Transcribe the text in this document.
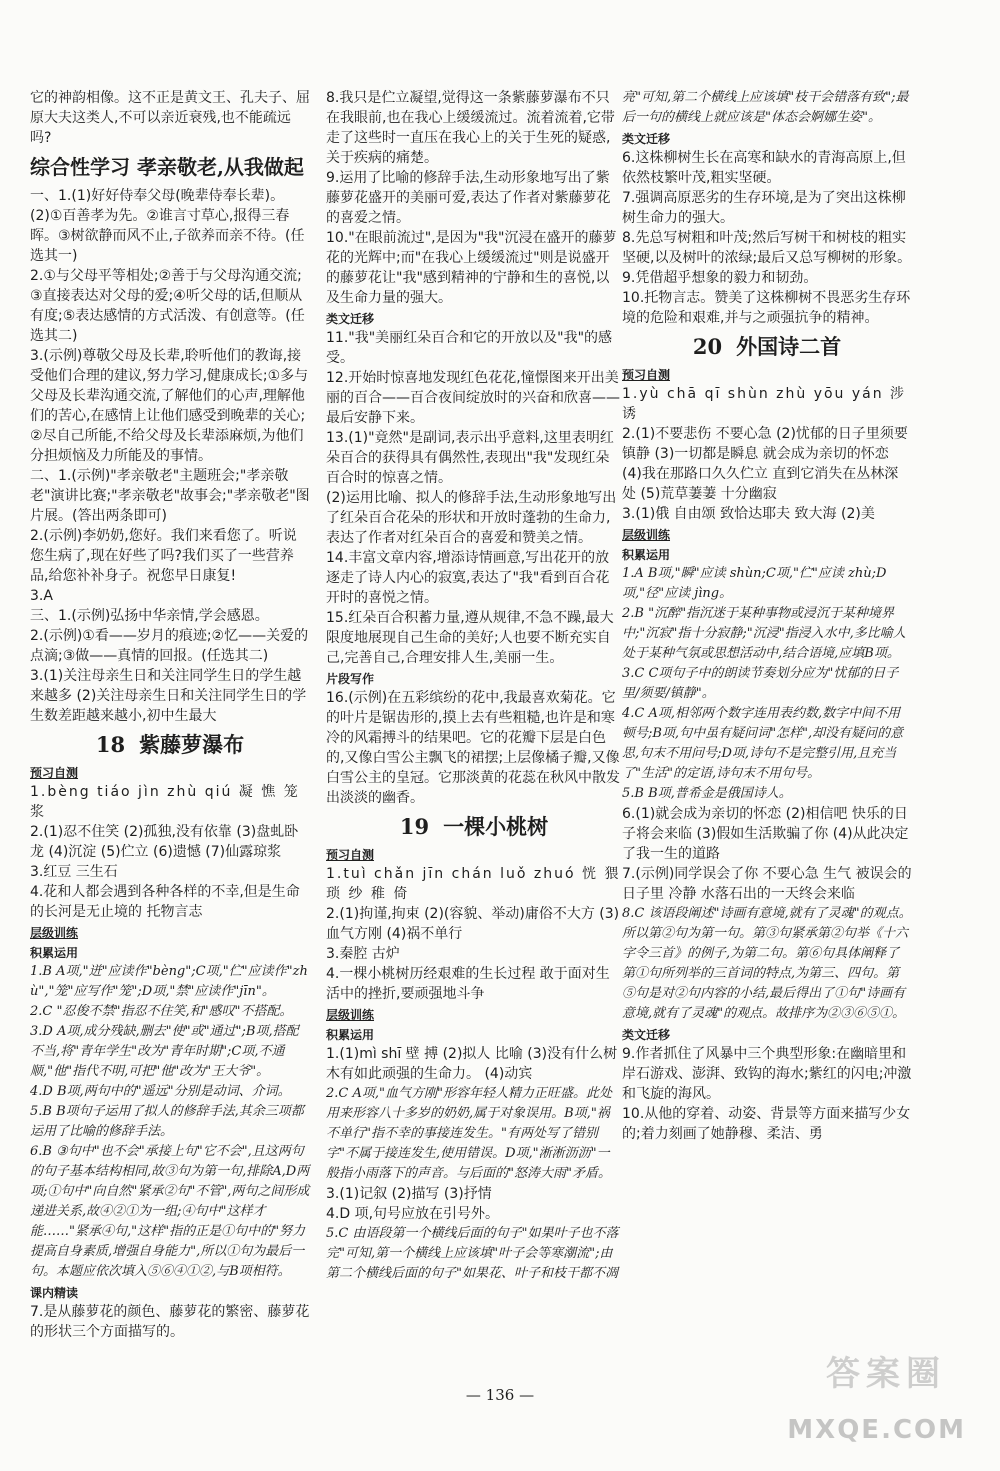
它的神韵相像。这不正是黄文王、孔夫子、屈原大夫这类人,不可以亲近衰残,也不能疏远吗?

综合性学习 孝亲敬老,从我做起

一、1.(1)好好侍奉父母(晚辈侍奉长辈)。

(2)①百善孝为先。②谁言寸草心,报得三春晖。③树欲静而风不止,子欲养而亲不待。(任选其一)

2.①与父母平等相处;②善于与父母沟通交流;③直接表达对父母的爱;④听父母的话,但顺从有度;⑤表达感情的方式活泼、有创意等。(任选其二)

3.(示例)尊敬父母及长辈,聆听他们的教诲,接受他们合理的建议,努力学习,健康成长;①多与父母及长辈沟通交流,了解他们的心声,理解他们的苦心,在感情上让他们感受到晚辈的关心;②尽自己所能,不给父母及长辈添麻烦,为他们分担烦恼及力所能及的事情。

二、1.(示例)"孝亲敬老"主题班会;"孝亲敬老"演讲比赛;"孝亲敬老"故事会;"孝亲敬老"图片展。(答出两条即可)

2.(示例)李奶奶,您好。我们来看您了。听说您生病了,现在好些了吗?我们买了一些营养品,给您补补身子。祝您早日康复!

3.A

三、1.(示例)弘扬中华亲情,学会感恩。

2.(示例)①看——岁月的痕迹;②忆——关爱的点滴;③做——真情的回报。(任选其二)

3.(1)关注母亲生日和关注同学生日的学生越来越多 (2)关注母亲生日和关注同学生日的学生数差距越来越小,初中生最大

18 紫藤萝瀑布
预习自测

1.bèng tiáo jìn zhù qiú 凝 憔 笼 浆

2.(1)忍不住笑 (2)孤独,没有依靠 (3)盘虬卧龙 (4)沉淀 (5)伫立 (6)遗憾 (7)仙露琼浆

3.红豆 三生石

4.花和人都会遇到各种各样的不幸,但是生命的长河是无止境的 托物言志

层级训练
积累运用

1.B A项,"迸"应读作"bèng";C项,"伫"应读作"zhù","笼"应写作"笼";D项,"禁"应读作"jīn"。

2.C "忍俊不禁"指忍不住笑,和"感叹"不搭配。

3.D A项,成分残缺,删去"使"或"通过";B项,搭配不当,将"青年学生"改为"青年时期";C项,不通顺,"他"指代不明,可把"他"改为"王大爷"。

4.D B项,两句中的"遥远"分别是动词、介词。

5.B B项句子运用了拟人的修辞手法,其余三项都运用了比喻的修辞手法。

6.B ③句中"也不会"承接上句"它不会",且这两句的句子基本结构相同,故③句为第一句,排除A,D两项;①句中"向自然"紧承②句"不管",两句之间形成递进关系,故④②①为一组;④句中"这样才能……"紧承④句,"这样"指的正是①句中的"努力提高自身素质,增强自身能力",所以①句为最后一句。本题应依次填入⑤⑥④①②,与B项相符。

课内精读

7.是从藤萝花的颜色、藤萝花的繁密、藤萝花的形状三个方面描写的。

8.我只是伫立凝望,觉得这一条紫藤萝瀑布不只在我眼前,也在我心上缓缓流过。流着流着,它带走了这些时一直压在我心上的关于生死的疑惑,关于疾病的痛楚。

9.运用了比喻的修辞手法,生动形象地写出了紫藤萝花盛开的美丽可爱,表达了作者对紫藤萝花的喜爱之情。

10."在眼前流过",是因为"我"沉浸在盛开的藤萝花的光辉中;而"在我心上缓缓流过"则是说盛开的藤萝花让"我"感到精神的宁静和生的喜悦,以及生命力量的强大。

类文迁移

11."我"美丽红朵百合和它的开放以及"我"的感受。

12.开始时惊喜地发现红色花花,憧憬图来开出美丽的百合——百合夜间绽放时的兴奋和欣喜——最后安静下来。

13.(1)"竟然"是副词,表示出乎意料,这里表明红朵百合的获得具有偶然性,表现出"我"发现红朵百合时的惊喜之情。

(2)运用比喻、拟人的修辞手法,生动形象地写出了红朵百合花朵的形状和开放时蓬勃的生命力,表达了作者对红朵百合的喜爱和赞美之情。

14.丰富文章内容,增添诗情画意,写出花开的放逐走了诗人内心的寂寞,表达了"我"看到百合花开时的喜悦之情。

15.红朵百合积蓄力量,遵从规律,不急不躁,最大限度地展现自己生命的美好;人也要不断充实自己,完善自己,合理安排人生,美丽一生。

片段写作

16.(示例)在五彩缤纷的花中,我最喜欢菊花。它的叶片是锯齿形的,摸上去有些粗糙,也许是和寒冷的风霜搏斗的结果吧。它的花瓣下层是白色的,又像白雪公主飘飞的裙摆;上层像橘子瓣,又像白雪公主的皇冠。它那淡黄的花蕊在秋风中散发出淡淡的幽香。

19 一棵小桃树
预习自测

1.tuì chǎn jīn chán luǒ zhuó 恍 猥 琐 纱 稚 倚

2.(1)拘谨,拘束 (2)(容貌、举动)庸俗不大方 (3)血气方刚 (4)祸不单行

3.秦腔 古炉

4.一棵小桃树历经艰难的生长过程 敢于面对生活中的挫折,要顽强地斗争

层级训练
积累运用

1.(1)mì shī 壁 搏 (2)拟人 比喻 (3)没有什么树木有如此顽强的生命力。 (4)动宾

2.C A项,"血气方刚"形容年轻人精力正旺盛。此处用来形容八十多岁的奶奶,属于对象误用。B项,"祸不单行"指不幸的事接连发生。"有两处写了错别字"不属于接连发生,使用错误。D项,"淅淅沥沥"一般指小雨落下的声音。与后面的"怒涛大雨"矛盾。

3.(1)记叙 (2)描写 (3)抒情

4.D 项,句号应放在引号外。

5.C 由语段第一个横线后面的句子"如果叶子也不落完"可知,第一个横线上应该填"叶子会等寒潮流";由第二个横线后面的句子"如果花、叶子和枝干都不凋

亮"可知,第二个横线上应该填"枝干会错落有致";最后一句的横线上就应该是"体态会婀娜生姿"。

类文迁移

6.这株柳树生长在高寒和缺水的青海高原上,但依然枝繁叶茂,粗实坚硬。

7.强调高原恶劣的生存环境,是为了突出这株柳树生命力的强大。

8.先总写树粗和叶茂;然后写树干和树枝的粗实坚硬,以及树叶的浓绿;最后又总写柳树的形象。

9.凭借超乎想象的毅力和韧劲。

10.托物言志。赞美了这株柳树不畏恶劣生存环境的危险和艰难,并与之顽强抗争的精神。

20 外国诗二首
预习自测

1.yù chā qī shùn zhù yōu yán 涉 诱

2.(1)不要悲伤 不要心急 (2)忧郁的日子里须要镇静 (3)一切都是瞬息 就会成为亲切的怀恋 (4)我在那路口久久伫立 直到它消失在丛林深处 (5)荒草萋萋 十分幽寂

3.(1)俄 自由颂 致恰达耶夫 致大海 (2)美

层级训练
积累运用

1.A B项,"瞬"应读 shùn;C项,"伫"应读 zhù;D项,"径"应读 jìng。

2.B "沉醉"指沉迷于某种事物或浸沉于某种境界中;"沉寂"指十分寂静;"沉浸"指浸入水中,多比喻人处于某种气氛或思想活动中,结合语境,应填B项。

3.C C项句子中的朗读节奏划分应为"忧郁的日子里/须要/镇静"。

4.C A项,相邻两个数字连用表约数,数字中间不用顿号;B项,句中虽有疑问词"怎样",却没有疑问的意思,句末不用问号;D项,诗句不是完整引用,且充当了"生活"的定语,诗句末不用句号。

5.B B项,普希金是俄国诗人。

6.(1)就会成为亲切的怀恋 (2)相信吧 快乐的日子将会来临 (3)假如生活欺骗了你 (4)从此决定了我一生的道路

7.(示例)同学误会了你 不要心急 生气 被误会的日子里 冷静 水落石出的一天终会来临

8.C 该语段阐述"诗画有意境,就有了灵魂"的观点。所以第②句为第一句。第③句紧承第②句举《十六字令三首》的例子,为第二句。第⑥句具体阐释了第①句所列举的三首词的特点,为第三、四句。第⑤句是对②句内容的小结,最后得出了①句"诗画有意境,就有了灵魂"的观点。故排序为②③⑥⑤①。

类文迁移

9.作者抓住了风暴中三个典型形象:在幽暗里和岸石游戏、澎湃、致钩的海水;紫红的闪电;冲激和飞旋的海风。

10.从他的穿着、动姿、背景等方面来描写少女的;着力刻画了她静穆、柔洁、勇

— 136 —
答案圈
MXQE.COM
